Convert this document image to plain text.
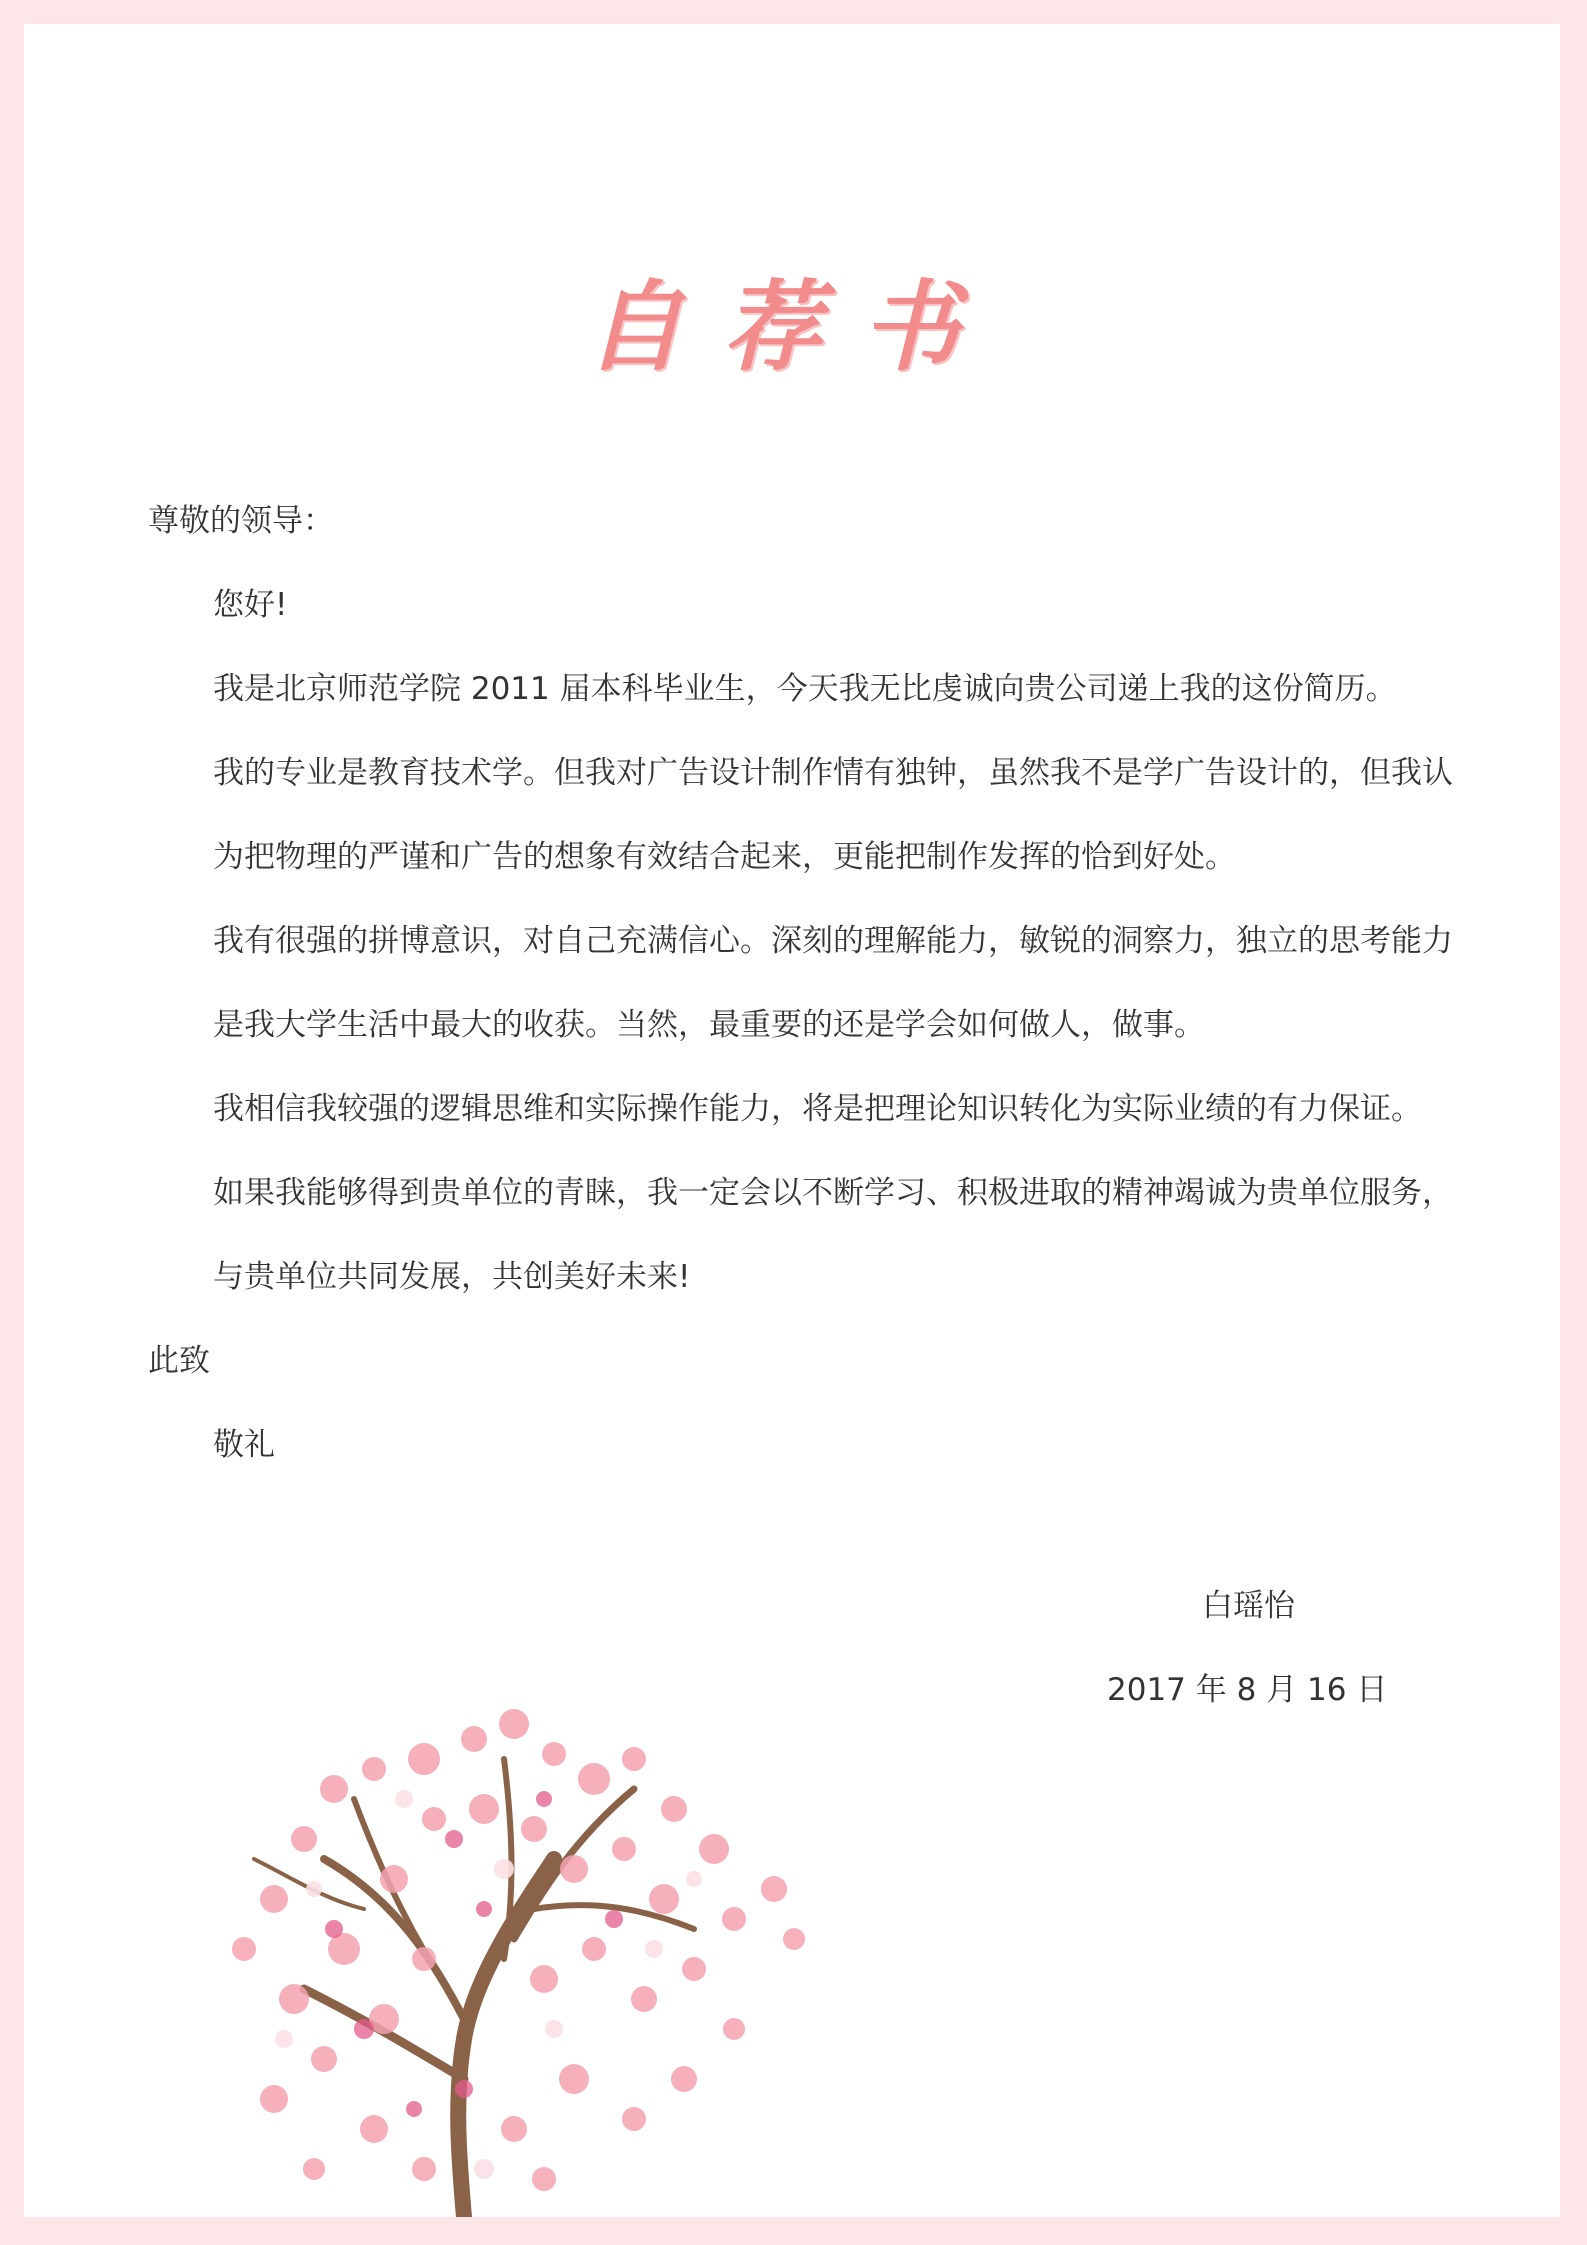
自荐书

尊敬的领导：

您好!

我是北京师范学院 2011 届本科毕业生，今天我无比虔诚向贵公司递上我的这份简历。

我的专业是教育技术学。但我对广告设计制作情有独钟，虽然我不是学广告设计的，但我认为把物理的严谨和广告的想象有效结合起来，更能把制作发挥的恰到好处。

我有很强的拼博意识，对自己充满信心。深刻的理解能力，敏锐的洞察力，独立的思考能力是我大学生活中最大的收获。当然，最重要的还是学会如何做人，做事。

我相信我较强的逻辑思维和实际操作能力，将是把理论知识转化为实际业绩的有力保证。

如果我能够得到贵单位的青睐，我一定会以不断学习、积极进取的精神竭诚为贵单位服务，与贵单位共同发展，共创美好未来!

此致

敬礼

白瑶怡
2017 年 8 月 16 日
